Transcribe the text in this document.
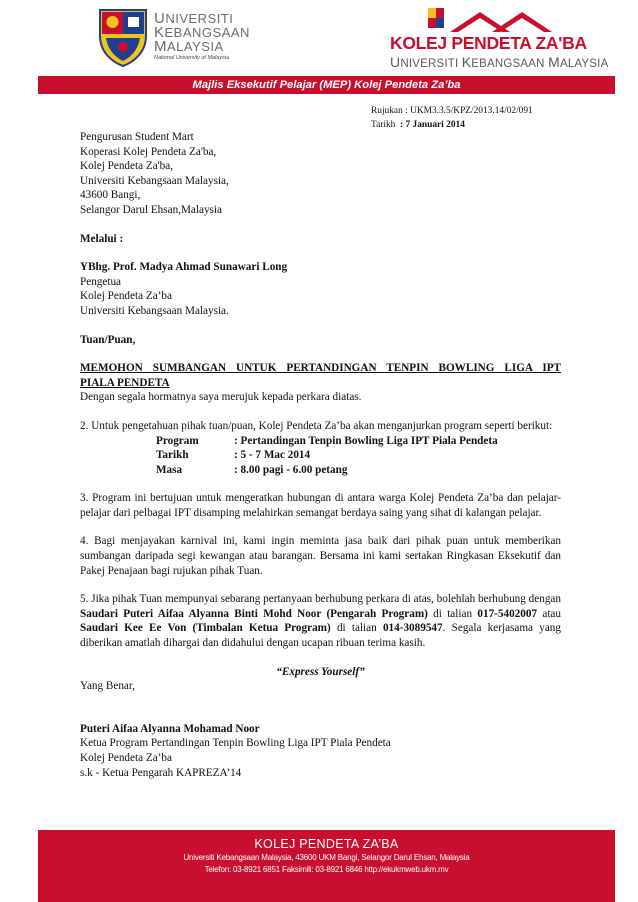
UNIVERSITI
KEBANGSAAN
MALAYSIA
National University of Malaysia
KOLEJ PENDETA ZA'BA
UNIVERSITI KEBANGSAAN MALAYSIA
Majlis Eksekutif Pelajar (MEP) Kolej Pendeta Za’ba
Rujukan : UKM3.3.5/KPZ/2013.14/02/091
Tarikh : 7 Januari 2014
Pengurusan Student Mart
Koperasi Kolej Pendeta Za'ba,
Kolej Pendeta Za'ba,
Universiti Kebangsaan Malaysia,
43600 Bangi,
Selangor Darul Ehsan,Malaysia
Melalui :
YBhg. Prof. Madya Ahmad Sunawari Long
Pengetua
Kolej Pendeta Za’ba
Universiti Kebangsaan Malaysia.
Tuan/Puan,
MEMOHON SUMBANGAN UNTUK PERTANDINGAN TENPIN BOWLING LIGA IPT
PIALA PENDETA
Dengan segala hormatnya saya merujuk kepada perkara diatas.
2. Untuk pengetahuan pihak tuan/puan, Kolej Pendeta Za’ba akan menganjurkan program seperti berikut:
Program	: Pertandingan Tenpin Bowling Liga IPT Piala Pendeta
Tarikh	: 5 - 7 Mac 2014
Masa	: 8.00 pagi - 6.00 petang
3. Program ini bertujuan untuk mengeratkan hubungan di antara warga Kolej Pendeta Za’ba dan pelajar-pelajar dari pelbagai IPT disamping melahirkan semangat berdaya saing yang sihat di kalangan pelajar.
4. Bagi menjayakan karnival ini, kami ingin meminta jasa baik dari pihak puan untuk memberikan sumbangan daripada segi kewangan atau barangan. Bersama ini kami sertakan Ringkasan Eksekutif dan Pakej Penajaan bagi rujukan pihak Tuan.
5. Jika pihak Tuan mempunyai sebarang pertanyaan berhubung perkara di atas, bolehlah berhubung dengan Saudari Puteri Aifaa Alyanna Binti Mohd Noor (Pengarah Program) di talian 017-5402007 atau Saudari Kee Ee Von (Timbalan Ketua Program) di talian 014-3089547. Segala kerjasama yang diberikan amatlah dihargai dan didahului dengan ucapan ribuan terima kasih.
“Express Yourself”
Yang Benar,
Puteri Aifaa Alyanna Mohamad Noor
Ketua Program Pertandingan Tenpin Bowling Liga IPT Piala Pendeta
Kolej Pendeta Za’ba
s.k - Ketua Pengarah KAPREZA’14
KOLEJ PENDETA ZA’BA
Universiti Kebangsaan Malaysia, 43600 UKM Bangi, Selangor Darul Ehsan, Malaysia
Telefon: 03-8921 6851 Faksimili: 03-8921 6846 http://ekukmweb.ukm.mv
